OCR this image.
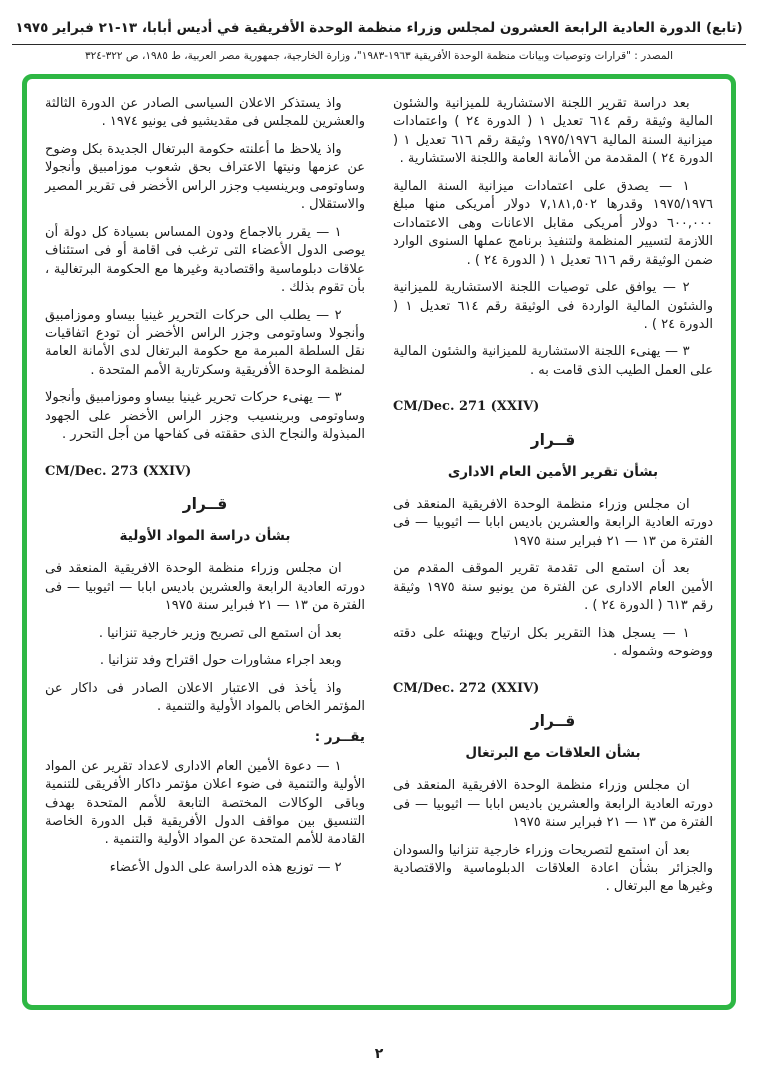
(تابع) الدورة العادية الرابعة العشرون لمجلس وزراء منظمة الوحدة الأفريقية في أديس أبابا، ١٣-٢١ فبراير ١٩٧٥
المصدر : "قرارات وتوصيات وبيانات منظمة الوحدة الأفريقية ١٩٦٣-١٩٨٣"، وزارة الخارجية، جمهورية مصر العربية، ط ١٩٨٥، ص ٣٢٢-٣٢٤
بعد دراسة تقرير اللجنة الاستشارية للميزانية والشئون المالية وثيقة رقم ٦١٤ تعديل ١ ( الدورة ٢٤ ) واعتمادات ميزانية السنة المالية ١٩٧٥/١٩٧٦ وثيقة رقم ٦١٦ تعديل ١ ( الدورة ٢٤ ) المقدمة من الأمانة العامة واللجنة الاستشارية .
١ — يصدق على اعتمادات ميزانية السنة المالية ١٩٧٥/١٩٧٦ وقدرها ٧,١٨١,٥٠٢ دولار أمريكى منها مبلغ ٦٠٠,٠٠٠ دولار أمريكى مقابل الاعانات وهى الاعتمادات اللازمة لتسيير المنظمة ولتنفيذ برنامج عملها السنوى الوارد ضمن الوثيقة رقم ٦١٦ تعديل ١ ( الدورة ٢٤ ) .
٢ — يوافق على توصيات اللجنة الاستشارية للميزانية والشئون المالية الواردة فى الوثيقة رقم ٦١٤ تعديل ١ ( الدورة ٢٤ ) .
٣ — يهنىء اللجنة الاستشارية للميزانية والشئون المالية على العمل الطيب الذى قامت به .
CM/Dec. 271 (XXIV)
قــرار
بشأن تقرير الأمين العام الادارى
ان مجلس وزراء منظمة الوحدة الافريقية المنعقد فى دورته العادية الرابعة والعشرين باديس ابابا — اثيوبيا — فى الفترة من ١٣ — ٢١ فبراير سنة ١٩٧٥
بعد أن استمع الى تقدمة تقرير الموقف المقدم من الأمين العام الادارى عن الفترة من يونيو سنة ١٩٧٥ وثيقة رقم ٦١٣ ( الدورة ٢٤ ) .
١ — يسجل هذا التقرير بكل ارتياح ويهنئه على دقته ووضوحه وشموله .
CM/Dec. 272 (XXIV)
قــرار
بشأن العلاقات مع البرتغال
ان مجلس وزراء منظمة الوحدة الافريقية المنعقد فى دورته العادية الرابعة والعشرين باديس ابابا — اثيوبيا — فى الفترة من ١٣ — ٢١ فبراير سنة ١٩٧٥
بعد أن استمع لتصريحات وزراء خارجية تنزانيا والسودان والجزائر بشأن اعادة العلاقات الدبلوماسية والاقتصادية وغيرها مع البرتغال .
واذ يستذكر الاعلان السياسى الصادر عن الدورة الثالثة والعشرين للمجلس فى مقديشيو فى يونيو ١٩٧٤ .
واذ يلاحظ ما أعلنته حكومة البرتغال الجديدة بكل وضوح عن عزمها ونيتها الاعتراف بحق شعوب موزامبيق وأنجولا وساوتومى وبرينسيب وجزر الراس الأخضر فى تقرير المصير والاستقلال .
١ — يقرر بالاجماع ودون المساس بسيادة كل دولة أن يوصى الدول الأعضاء التى ترغب فى اقامة أو فى استئناف علاقات دبلوماسية واقتصادية وغيرها مع الحكومة البرتغالية ، بأن تقوم بذلك .
٢ — يطلب الى حركات التحرير غينيا بيساو وموزامبيق وأنجولا وساوتومى وجزر الراس الأخضر أن تودع اتفاقيات نقل السلطة المبرمة مع حكومة البرتغال لدى الأمانة العامة لمنظمة الوحدة الأفريقية وسكرتارية الأمم المتحدة .
٣ — يهنىء حركات تحرير غينيا بيساو وموزامبيق وأنجولا وساوتومى وبرينسيب وجزر الراس الأخضر على الجهود المبذولة والنجاح الذى حققته فى كفاحها من أجل التحرر .
CM/Dec. 273 (XXIV)
قــرار
بشأن دراسة المواد الأولية
ان مجلس وزراء منظمة الوحدة الافريقية المنعقد فى دورته العادية الرابعة والعشرين باديس ابابا — اثيوبيا — فى الفترة من ١٣ — ٢١ فبراير سنة ١٩٧٥
بعد أن استمع الى تصريح وزير خارجية تنزانيا .
وبعد اجراء مشاورات حول اقتراح وفد تنزانيا .
واذ يأخذ فى الاعتبار الاعلان الصادر فى داكار عن المؤتمر الخاص بالمواد الأولية والتنمية .
يقــرر :
١ — دعوة الأمين العام الادارى لاعداد تقرير عن المواد الأولية والتنمية فى ضوء اعلان مؤتمر داكار الأفريقى للتنمية وباقى الوكالات المختصة التابعة للأمم المتحدة بهدف التنسيق بين مواقف الدول الأفريقية قبل الدورة الخاصة القادمة للأمم المتحدة عن المواد الأولية والتنمية .
٢ — توزيع هذه الدراسة على الدول الأعضاء
٢
